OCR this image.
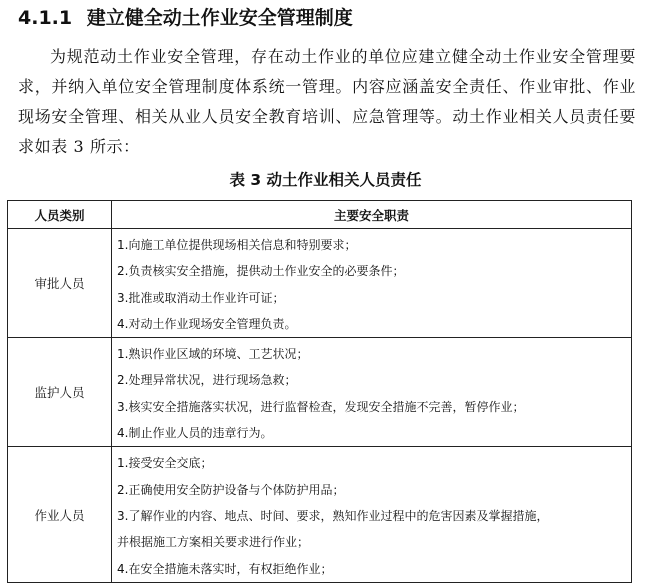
4.1.1 建立健全动土作业安全管理制度
为规范动土作业安全管理，存在动土作业的单位应建立健全动土作业安全管理要求，并纳入单位安全管理制度体系统一管理。内容应涵盖安全责任、作业审批、作业现场安全管理、相关从业人员安全教育培训、应急管理等。动土作业相关人员责任要求如表 3 所示：
表 3 动土作业相关人员责任
人员类别	主要安全职责
审批人员	1.向施工单位提供现场相关信息和特别要求；
2.负责核实安全措施，提供动土作业安全的必要条件；
3.批准或取消动土作业许可证；
4.对动土作业现场安全管理负责。

监护人员	1.熟识作业区域的环境、工艺状况；
2.处理异常状况，进行现场急救；
3.核实安全措施落实状况，进行监督检查，发现安全措施不完善，暂停作业；
4.制止作业人员的违章行为。

作业人员	1.接受安全交底；
2.正确使用安全防护设备与个体防护用品；
3.了解作业的内容、地点、时间、要求，熟知作业过程中的危害因素及掌握措施，
并根据施工方案相关要求进行作业；
4.在安全措施未落实时，有权拒绝作业；
